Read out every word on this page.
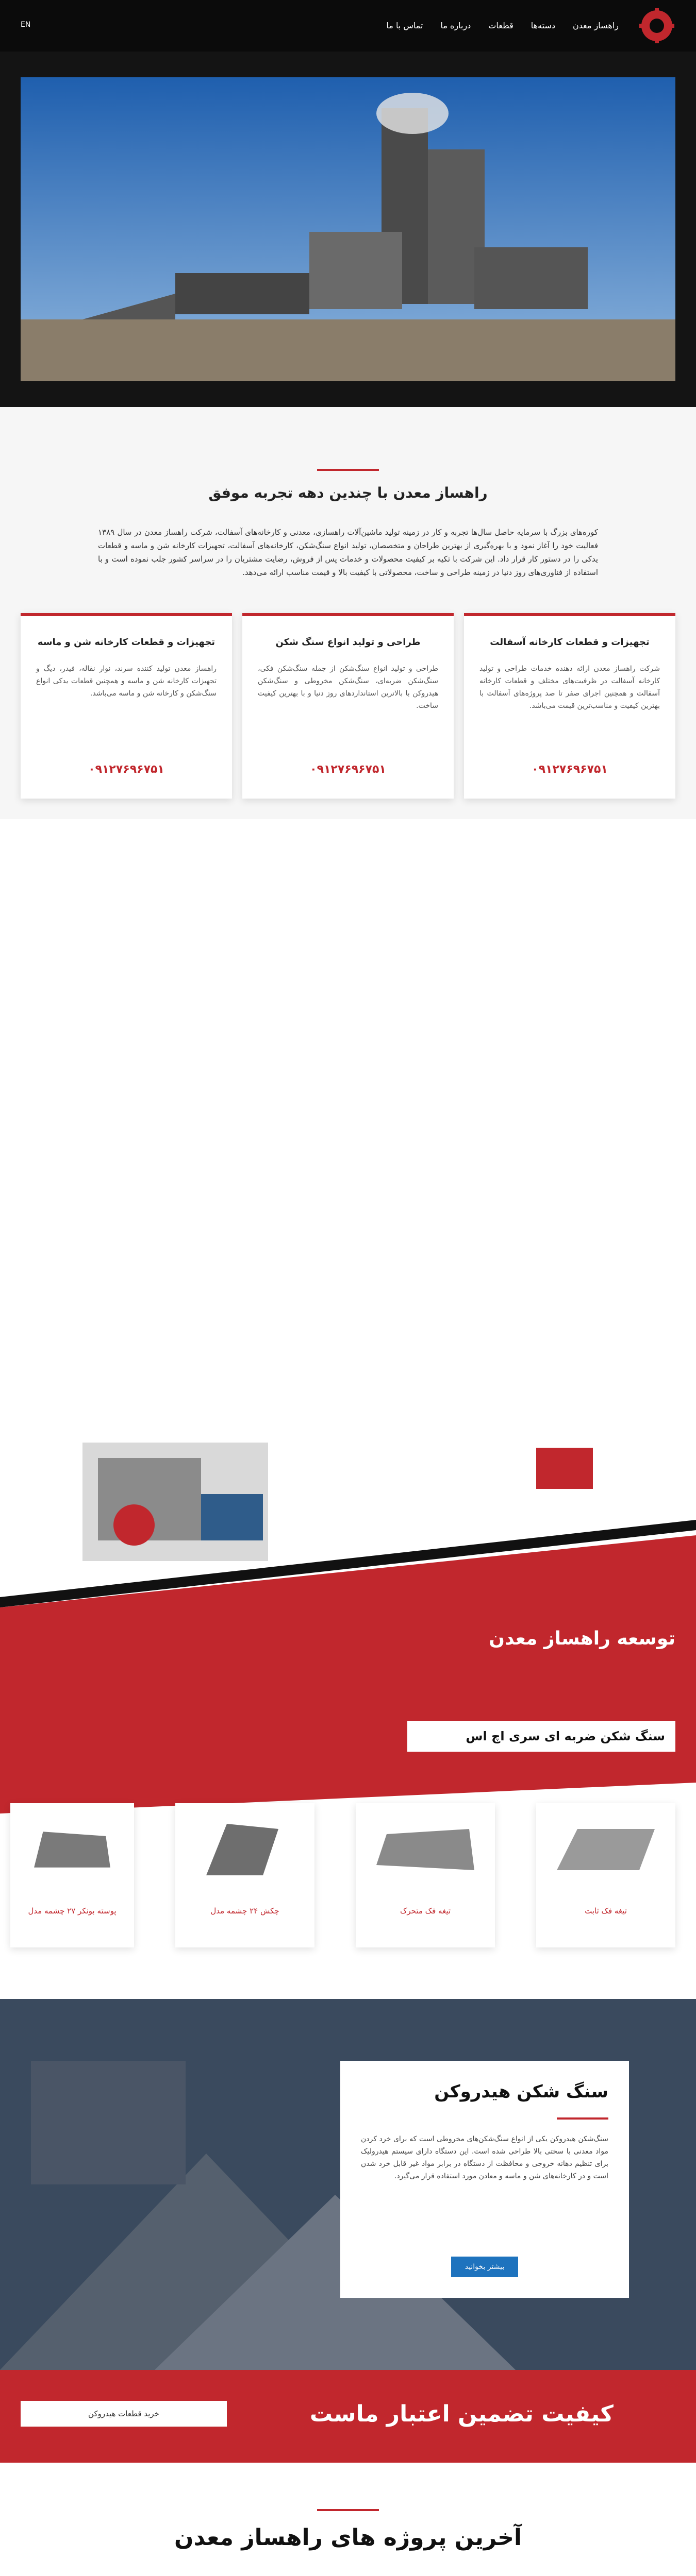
راهساز معدن
دسته‌ها
قطعات
درباره ما
تماس با ما
EN
راهساز معدن با چندین دهه تجربه موفق

کوره‌های بزرگ با سرمایه حاصل سال‌ها تجربه و کار در زمینه تولید ماشین‌آلات راهسازی، معدنی و کارخانه‌های آسفالت، شرکت راهساز معدن در سال ۱۳۸۹ فعالیت خود را آغاز نمود و با بهره‌گیری از بهترین طراحان و متخصصان، تولید انواع سنگ‌شکن، کارخانه‌های آسفالت، تجهیزات کارخانه شن و ماسه و قطعات یدکی را در دستور کار قرار داد. این شرکت با تکیه بر کیفیت محصولات و خدمات پس از فروش، رضایت مشتریان را در سراسر کشور جلب نموده است و با استفاده از فناوری‌های روز دنیا در زمینه طراحی و ساخت، محصولاتی با کیفیت بالا و قیمت مناسب ارائه می‌دهد.

تجهیزات و قطعات کارخانه آسفالت

شرکت راهساز معدن ارائه دهنده خدمات طراحی و تولید کارخانه آسفالت در ظرفیت‌های مختلف و قطعات کارخانه آسفالت و همچنین اجرای صفر تا صد پروژه‌های آسفالت با بهترین کیفیت و مناسب‌ترین قیمت می‌باشد.

۰۹۱۲۷۶۹۶۷۵۱
طراحی و تولید انواع سنگ شکن

طراحی و تولید انواع سنگ‌شکن از جمله سنگ‌شکن فکی، سنگ‌شکن ضربه‌ای، سنگ‌شکن مخروطی و سنگ‌شکن هیدروکن با بالاترین استانداردهای روز دنیا و با بهترین کیفیت ساخت.

۰۹۱۲۷۶۹۶۷۵۱
تجهیزات و قطعات کارخانه شن و ماسه

راهساز معدن تولید کننده سرند، نوار نقاله، فیدر، دیگ و تجهیزات کارخانه شن و ماسه و همچنین قطعات یدکی انواع سنگ‌شکن و کارخانه شن و ماسه می‌باشد.

۰۹۱۲۷۶۹۶۷۵۱
توسعه راهساز معدن
سنگ شکن ضربه ای سری اچ اس
تیغه فک ثابت
تیغه فک متحرک
چکش ۲۴ چشمه مدل
پوسته بونکر ۲۷ چشمه مدل
سنگ شکن هیدروکن

سنگ‌شکن هیدروکن یکی از انواع سنگ‌شکن‌های مخروطی است که برای خرد کردن مواد معدنی با سختی بالا طراحی شده است. این دستگاه دارای سیستم هیدرولیک برای تنظیم دهانه خروجی و محافظت از دستگاه در برابر مواد غیر قابل خرد شدن است و در کارخانه‌های شن و ماسه و معادن مورد استفاده قرار می‌گیرد.

بیشتر بخوانید
کیفیت تضمین اعتبار ماست
خرید قطعات هیدروکن
آخرین پروژه های راهساز معدن
